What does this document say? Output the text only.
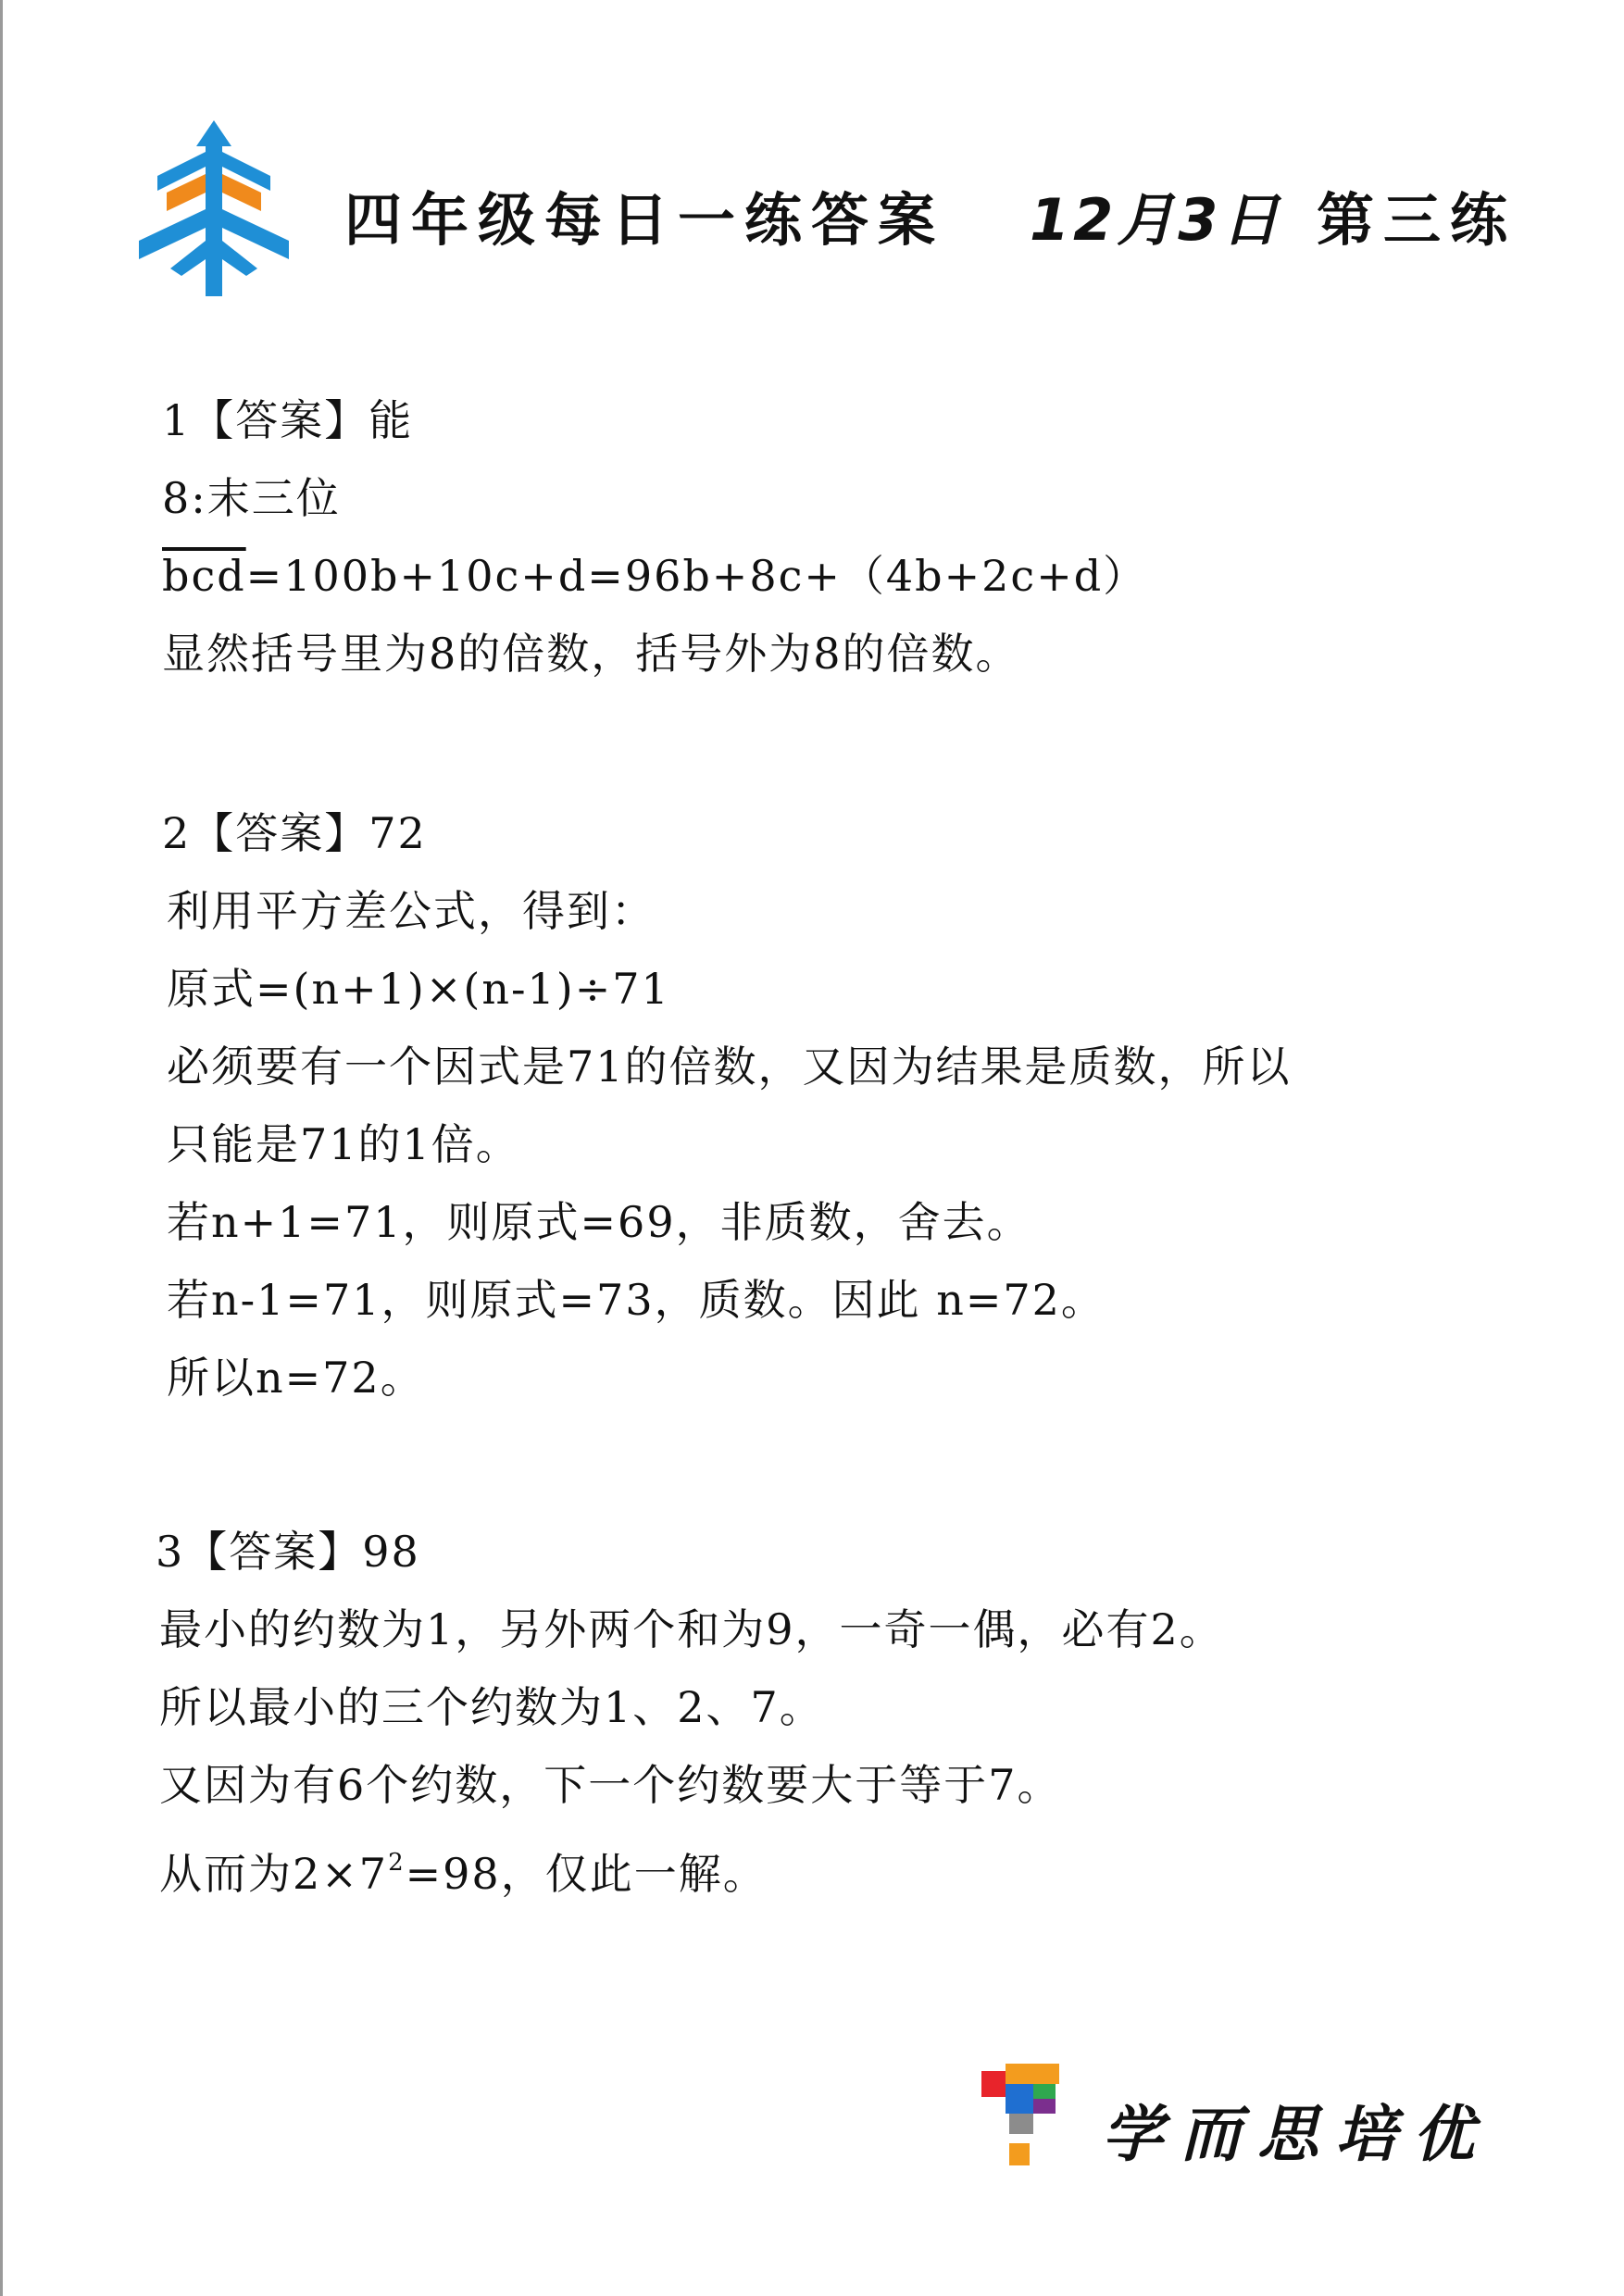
四年级每日一练答案 12月3日 第三练
1【答案】能
8:末三位
$\overline{bcd}=100b+10c+d=96b+8c+(4b+2c+d)$
显然括号里为8的倍数，括号外为8的倍数。
2【答案】72
利用平方差公式，得到：
原式=(n+1)×(n-1)÷71
必须要有一个因式是71的倍数，又因为结果是质数，所以
只能是71的1倍。
若n+1=71，则原式=69，非质数，舍去。
若n-1=71，则原式=73，质数。因此 n=72。
所以n=72。
3【答案】98
最小的约数为1，另外两个和为9，一奇一偶，必有2。
所以最小的三个约数为1、2、7。
又因为有6个约数，下一个约数要大于等于7。
从而为$2\times 7^2=98$，仅此一解。
学而思培优
